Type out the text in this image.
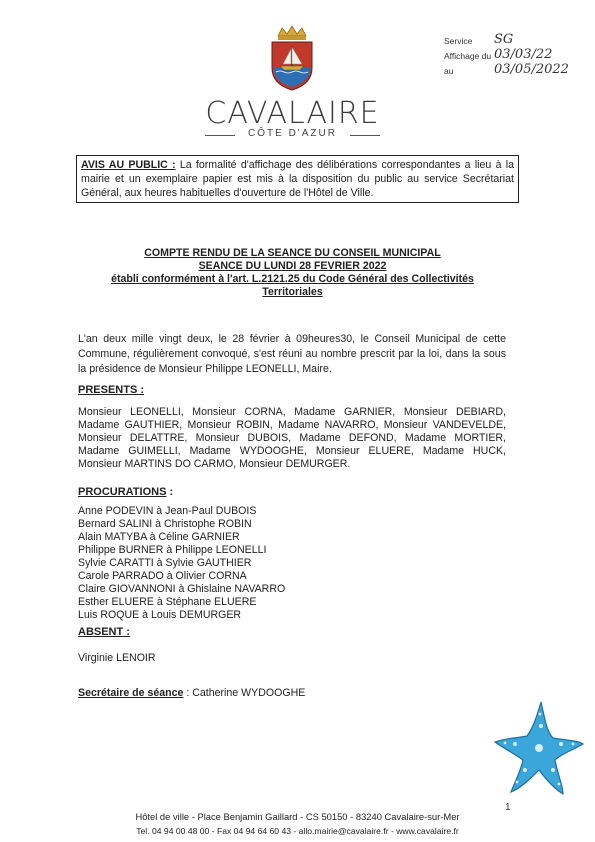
CAVALAIRE
CÔTE D'AZUR
Service SG
Affichage du 03/03/22
au	03/05/2022
AVIS AU PUBLIC : La formalité d'affichage des délibérations correspondantes a lieu à la mairie et un exemplaire papier est mis à la disposition du public au service Secrétariat Général, aux heures habituelles d'ouverture de l'Hôtel de Ville.
COMPTE RENDU DE LA SEANCE DU CONSEIL MUNICIPAL
SEANCE DU LUNDI 28 FEVRIER 2022
établi conformément à l'art. L.2121.25 du Code Général des Collectivités
Territoriales
L'an deux mille vingt deux, le 28 février à 09heures30, le Conseil Municipal de cette Commune, régulièrement convoqué, s'est réuni au nombre prescrit par la loi, dans la sous la présidence de Monsieur Philippe LEONELLI, Maire.
PRESENTS :
Monsieur LEONELLI, Monsieur CORNA, Madame GARNIER, Monsieur DEBIARD, Madame GAUTHIER, Monsieur ROBIN, Madame NAVARRO, Monsieur VANDEVELDE, Monsieur DELATTRE, Monsieur DUBOIS, Madame DEFOND, Madame MORTIER, Madame GUIMELLI, Madame WYDOOGHE, Monsieur ELUERE, Madame HUCK, Monsieur MARTINS DO CARMO, Monsieur DEMURGER.
PROCURATIONS :
Anne PODEVIN à Jean-Paul DUBOIS
Bernard SALINI à Christophe ROBIN
Alain MATYBA à Céline GARNIER
Philippe BURNER à Philippe LEONELLI
Sylvie CARATTI à Sylvie GAUTHIER
Carole PARRADO à Olivier CORNA
Claire GIOVANNONI à Ghislaine NAVARRO
Esther ELUERE à Stéphane ELUERE
Luis ROQUE à Louis DEMURGER
ABSENT :
Virginie LENOIR
Secrétaire de séance : Catherine WYDOOGHE
1
Hôtel de ville - Place Benjamin Gaillard - CS 50150 - 83240 Cavalaire-sur-Mer
Tel. 04 94 00 48 00 - Fax 04 94 64 60 43 - allo.mairie@cavalaire.fr - www.cavalaire.fr
